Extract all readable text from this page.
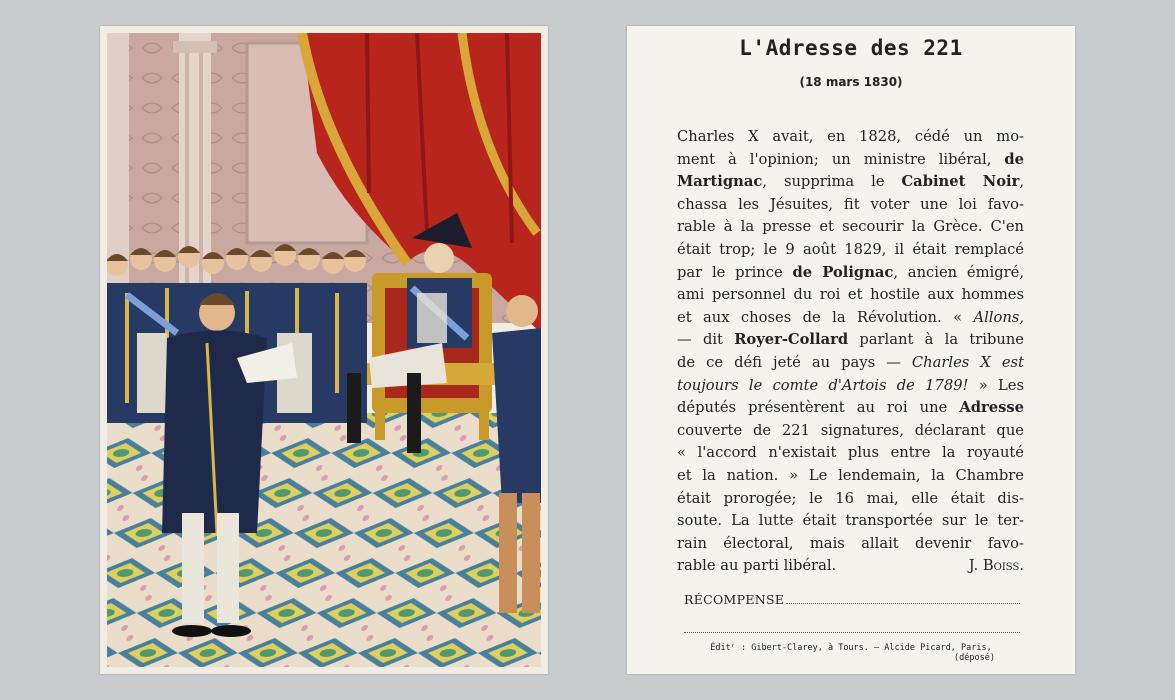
L'Adresse des 221
(18 mars 1830)
Charles X avait, en 1828, cédé un mo-
ment à l'opinion; un ministre libéral, de
Martignac, supprima le Cabinet Noir,
chassa les Jésuites, fit voter une loi favo-
rable à la presse et secourir la Grèce. C'en
était trop; le 9 août 1829, il était remplacé
par le prince de Polignac, ancien émigré,
ami personnel du roi et hostile aux hommes
et aux choses de la Révolution. « Allons,
— dit Royer-Collard parlant à la tribune
de ce défi jeté au pays — Charles X est
toujours le comte d'Artois de 1789! » Les
députés présentèrent au roi une Adresse
couverte de 221 signatures, déclarant que
« l'accord n'existait plus entre la royauté
et la nation. » Le lendemain, la Chambre
était prorogée; le 16 mai, elle était dis-
soute. La lutte était transportée sur le ter-
rain électoral, mais allait devenir favo-
rable au parti libéral.	J. Boiss.
RÉCOMPENSE
Éditʳ : Gibert-Clarey, à Tours. — Alcide Picard, Paris,
(déposé)
